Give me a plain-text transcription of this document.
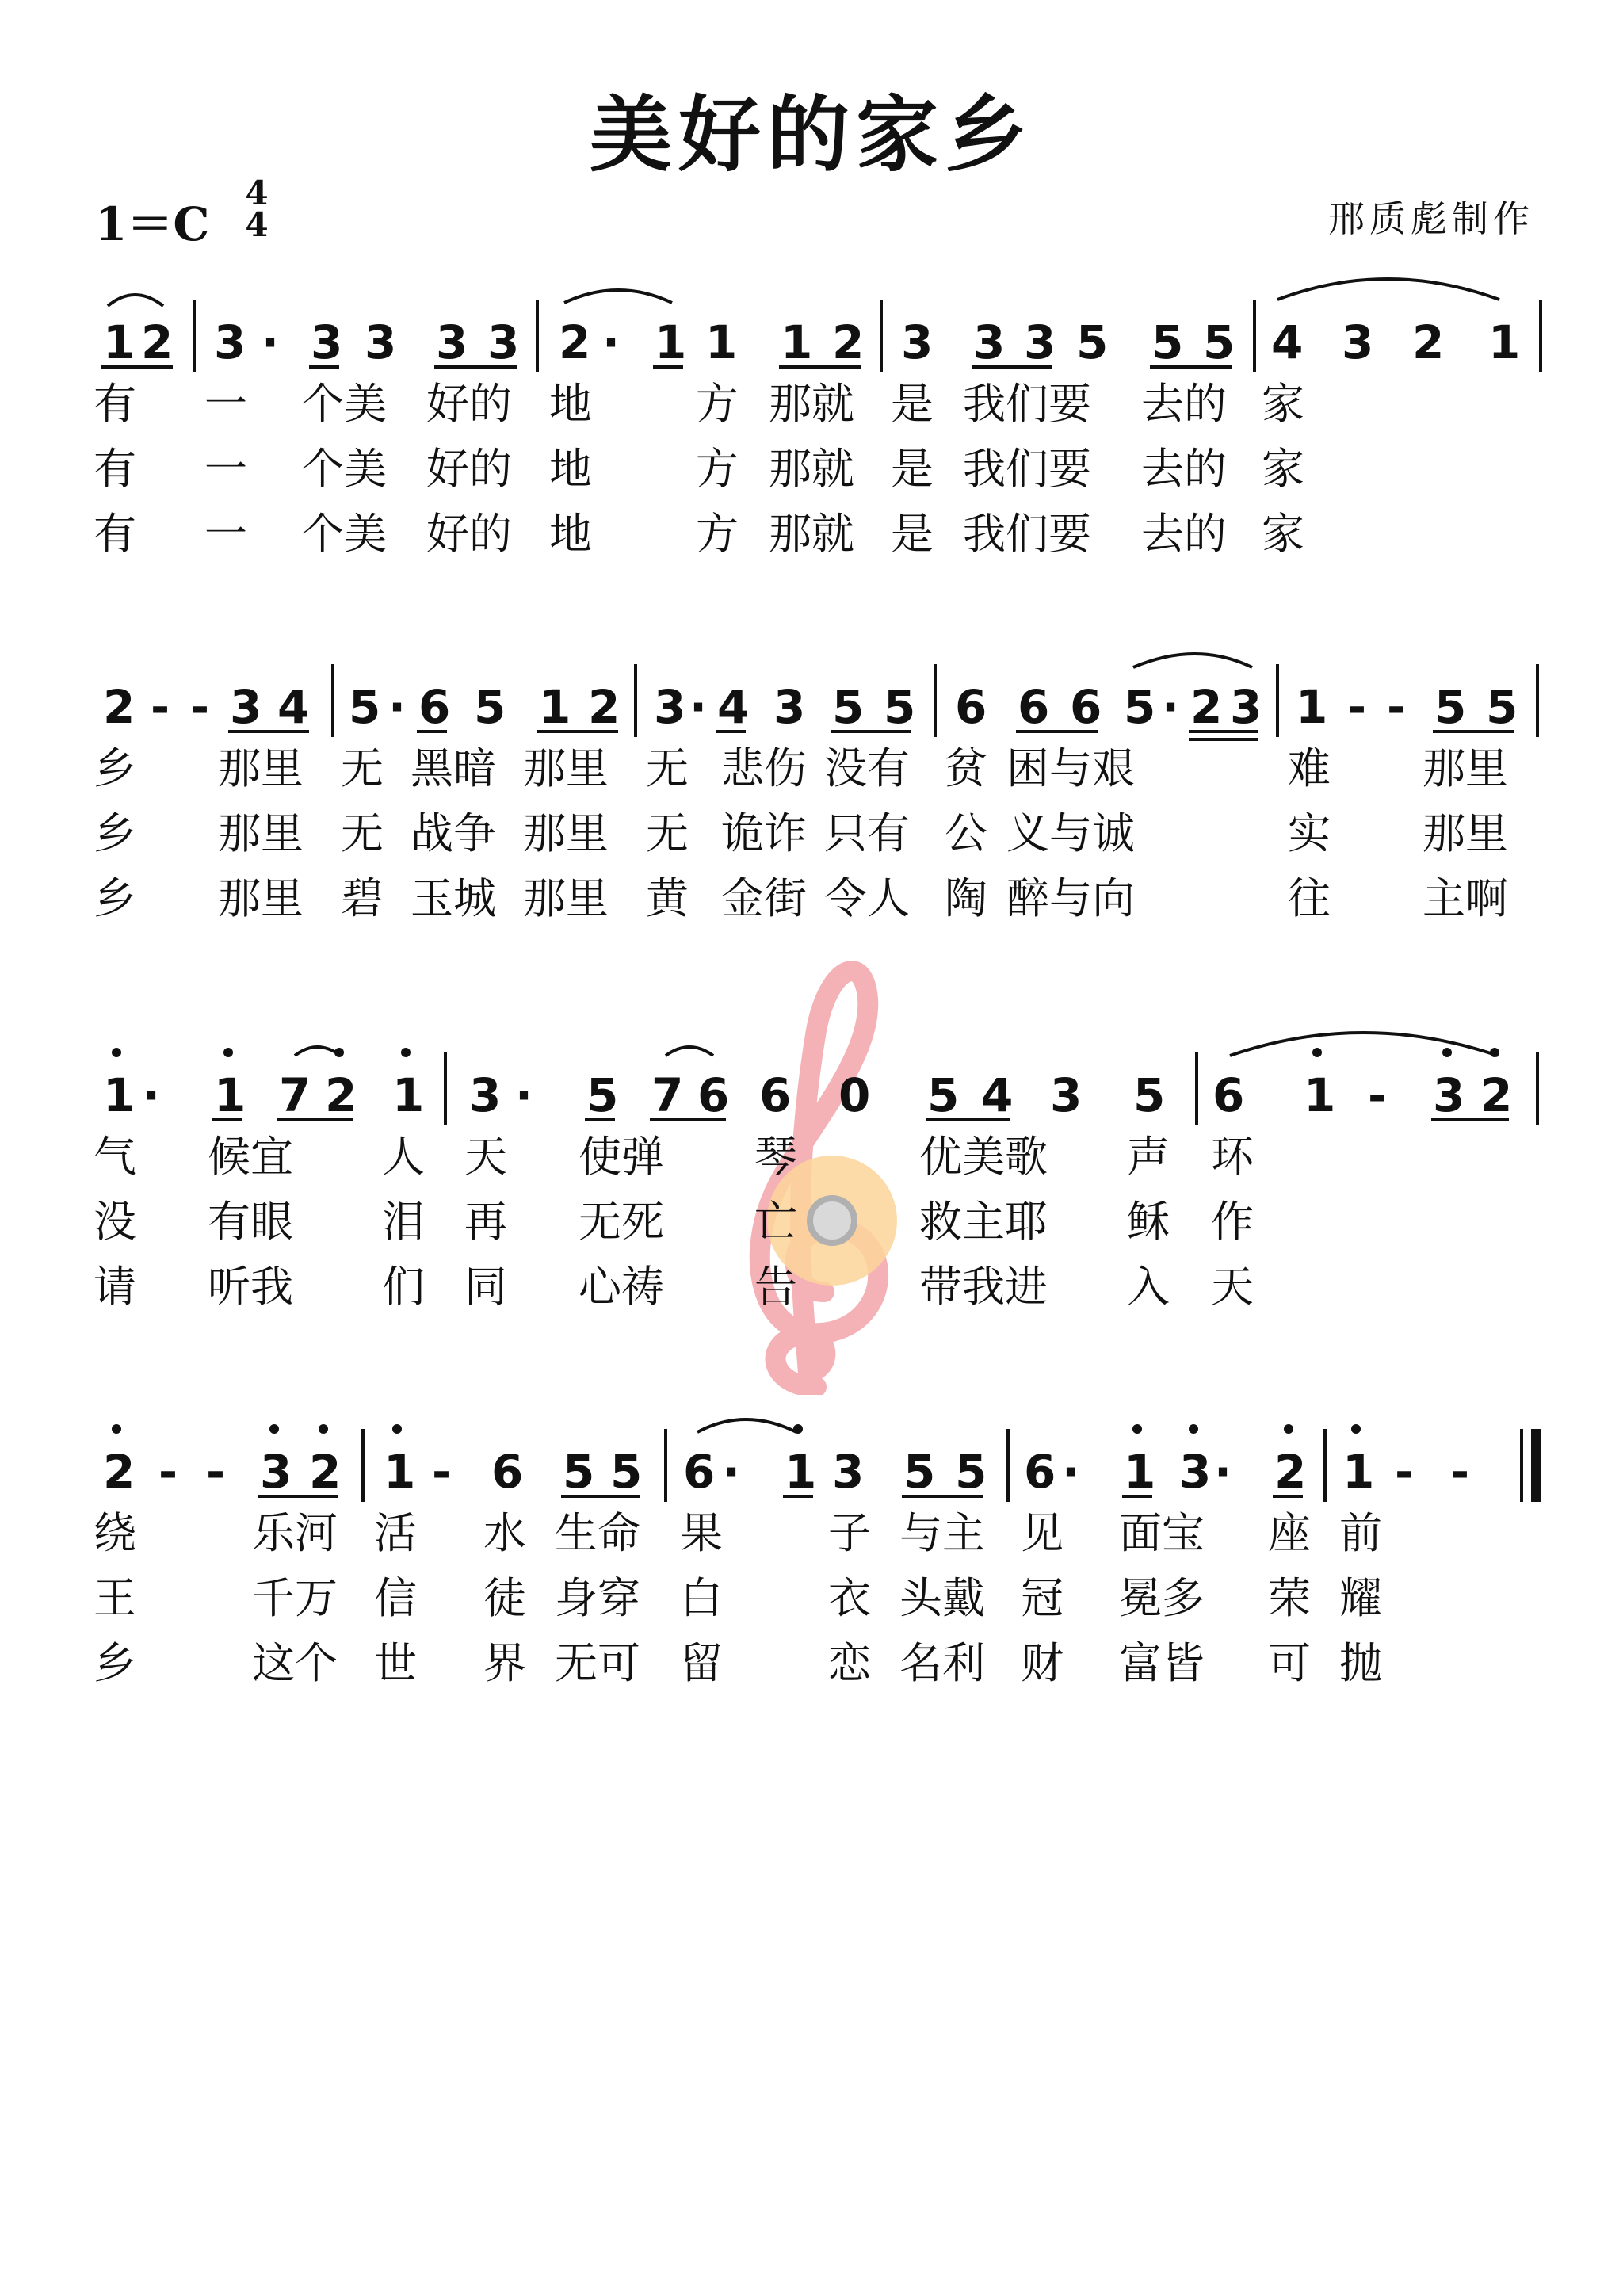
美好的家乡
1＝C
4
4	邢质彪制作
1 2 3 · 3 3 3 3 2 · 1 1 1 2 3 3 3 5 5 5 4 3 2 1

有 一 个美 好的 地 方 那就 是 我们要 去的 家

有 一 个美 好的 地 方 那就 是 我们要 去的 家

有 一 个美 好的 地 方 那就 是 我们要 去的 家

2 - - 3 4 5 · 6 5 1 2 3 · 4 3 5 5 6 6 6 5 · 2 3 1 - - 5 5

乡 那里 无 黑暗 那里 无 悲伤 没有 贫 困与艰	难 那里

乡 那里 无 战争 那里 无 诡诈 只有 公 义与诚	实 那里

乡 那里 碧 玉城 那里 黄 金街 令人 陶 醉与向	往 主啊

1 · 1 7 2 1 3 · 5 7 6 6 0 5 4 3 5 6 1 - 3 2

气 候宜 人 天 使弹 琴	优美歌 声 环

没 有眼 泪 再 无死 亡	救主耶 稣 作

请 听我 们 同 心祷 告	带我进 入 天

2 - - 3 2 1 - 6 5 5 6 · 1 3 5 5 6 · 1 3 · 2 1 - -

绕	乐河 活 水 生命 果 子 与主 见 面宝 座 前

王	千万 信 徒 身穿 白 衣 头戴 冠 冕多 荣 耀

乡	这个 世 界 无可 留 恋 名利 财 富皆 可 抛
